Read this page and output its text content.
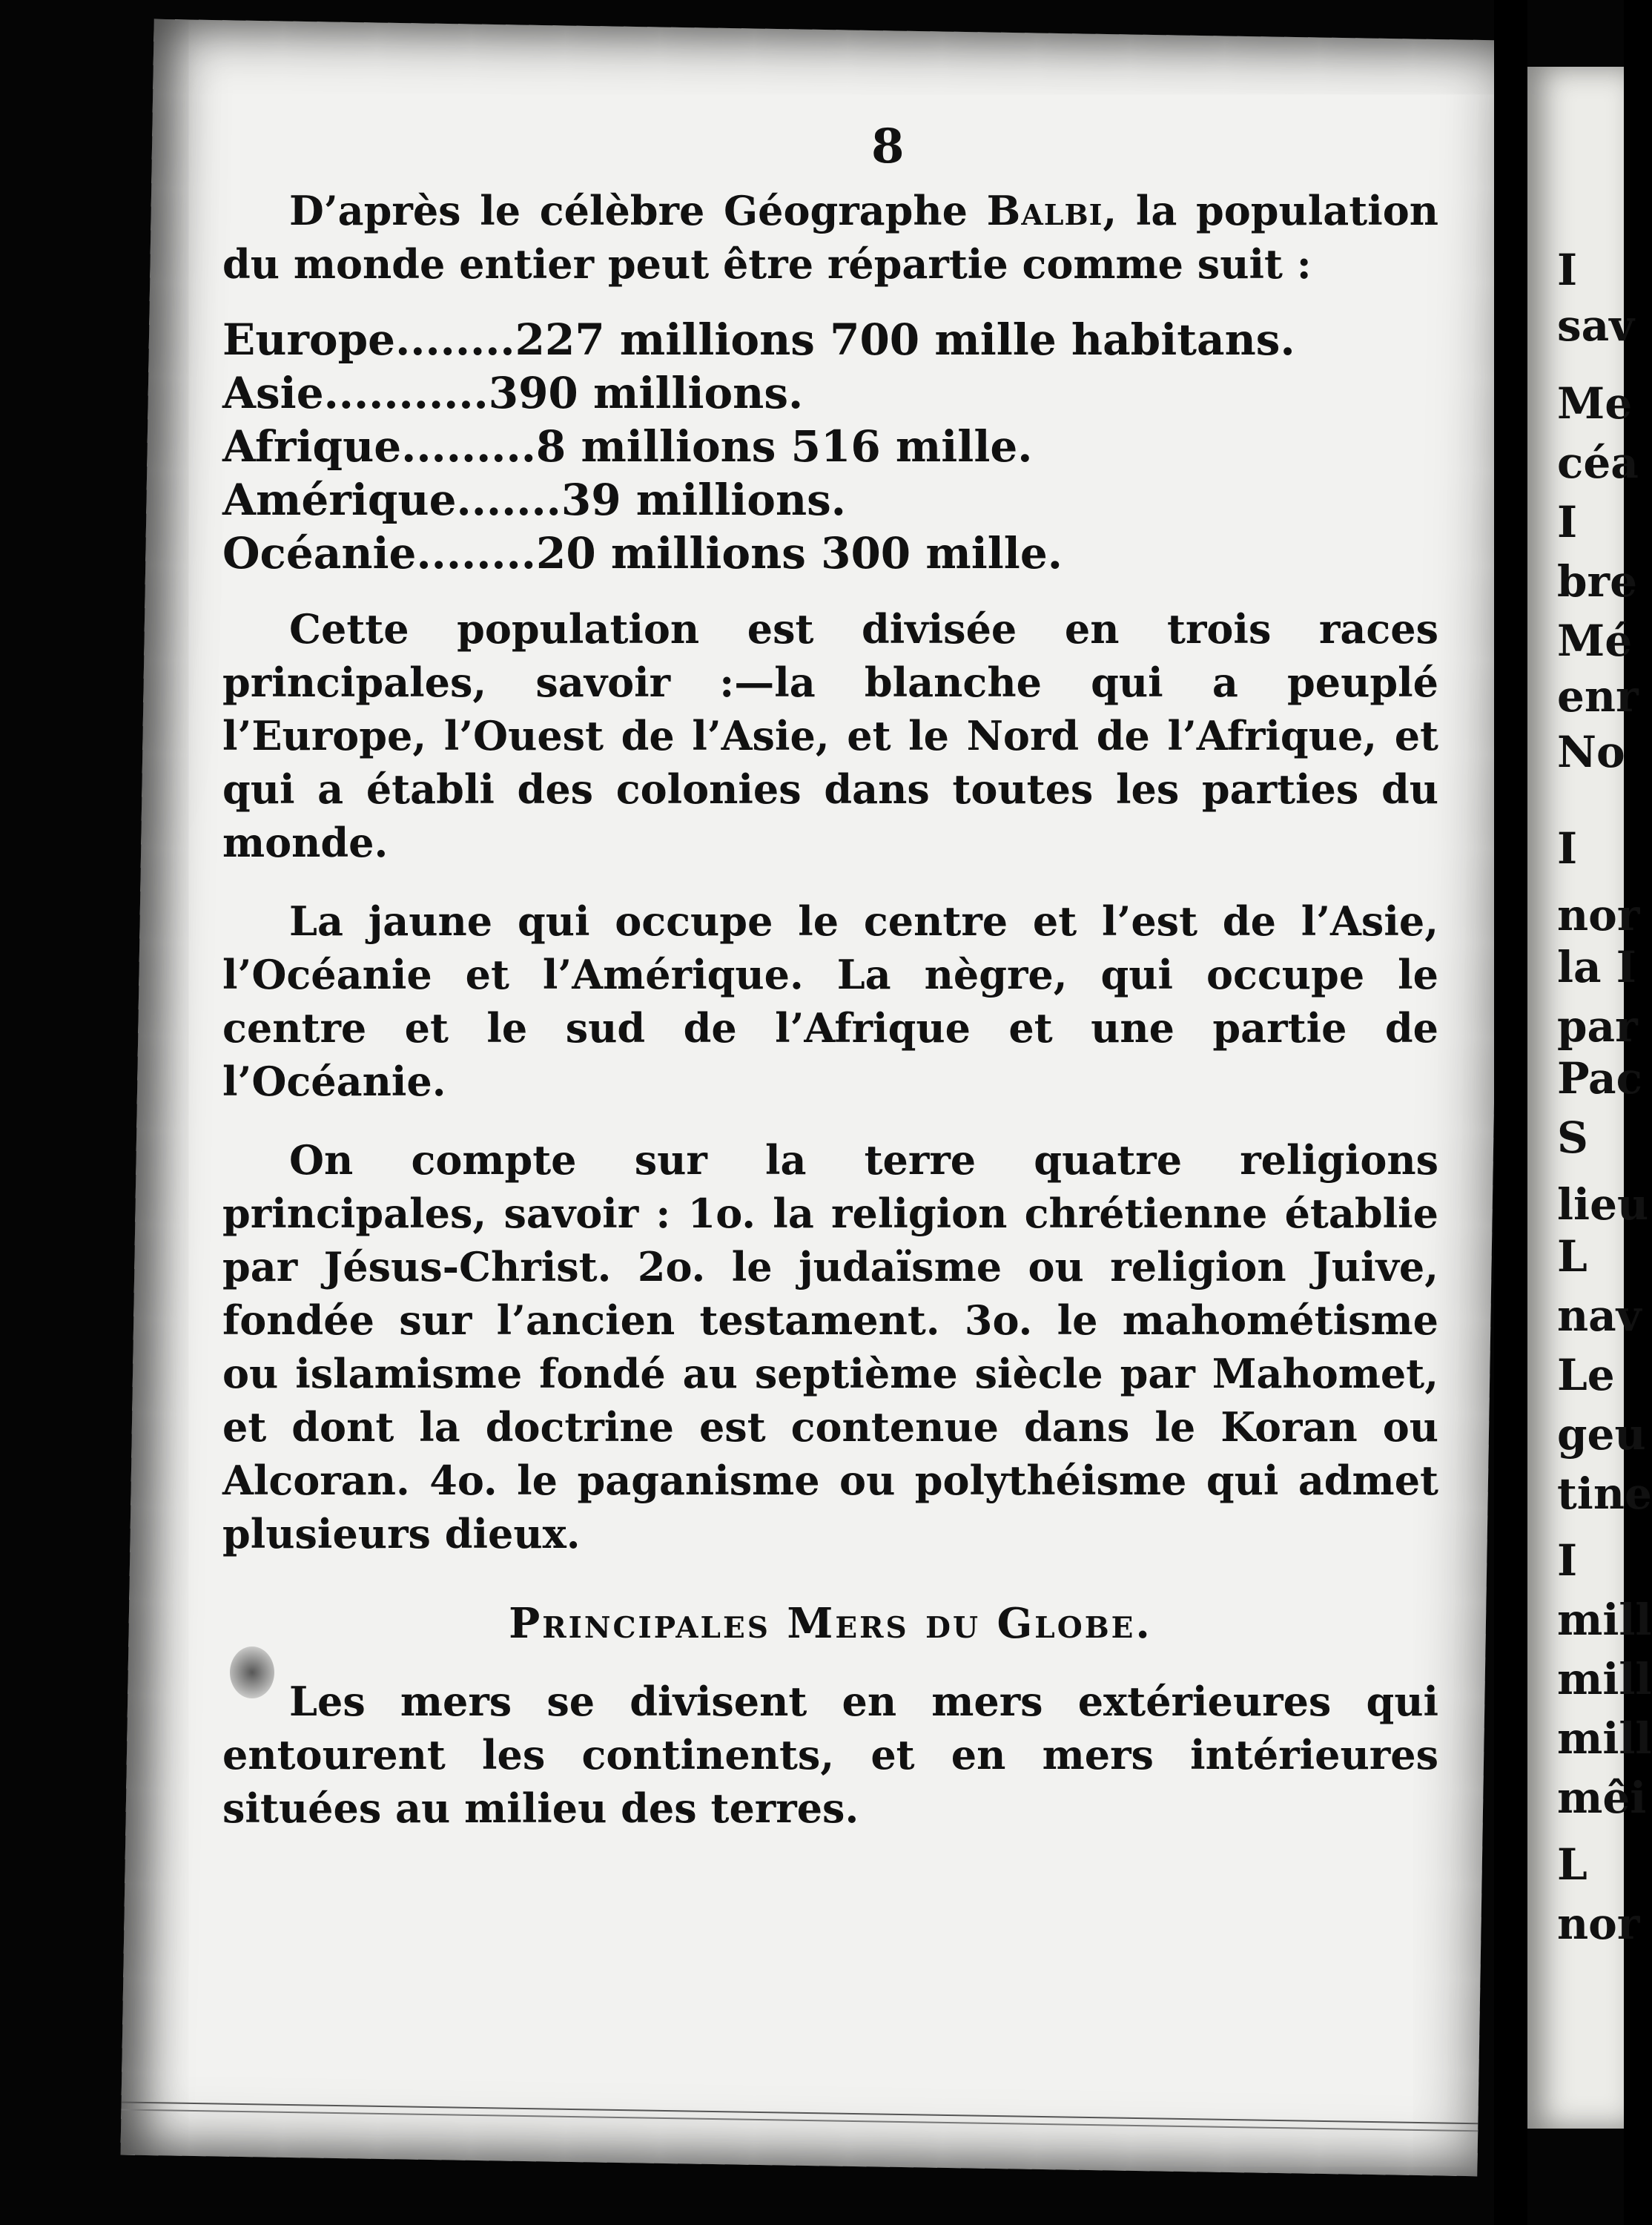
8

D’après le célèbre Géographe Balbi, la population du monde entier peut être répartie comme suit :

Europe ........ 227 millions 700 mille habitans.
Asie ........... 390 millions.
Afrique ......... 8 millions 516 mille.
Amérique ....... 39 millions.
Océanie ........ 20 millions 300 mille.

Cette population est divisée en trois races principales, savoir :—la blanche qui a peuplé l’Europe, l’Ouest de l’Asie, et le Nord de l’Afrique, et qui a établi des colonies dans toutes les parties du monde.

La jaune qui occupe le centre et l’est de l’Asie, l’Océanie et l’Amérique. La nègre, qui occupe le centre et le sud de l’Afrique et une partie de l’Océanie.

On compte sur la terre quatre religions principales, savoir : 1o. la religion chrétienne établie par Jésus-Christ. 2o. le judaïsme ou religion Juive, fondée sur l’ancien testament. 3o. le mahométisme ou islamisme fondé au septième siècle par Mahomet, et dont la doctrine est contenue dans le Koran ou Alcoran. 4o. le paganisme ou polythéisme qui admet plusieurs dieux.

Principales Mers du Globe.

Les mers se divisent en mers extérieures qui entourent les continents, et en mers intérieures situées au milieu des terres.

I
sav
Me
céa
I
bre
Mé
enr
No
I
nor
la I
par
Pac
S
lieu
L
nav
Le
geu
tine
I
mill
mill
mill
mêi
L
nor
